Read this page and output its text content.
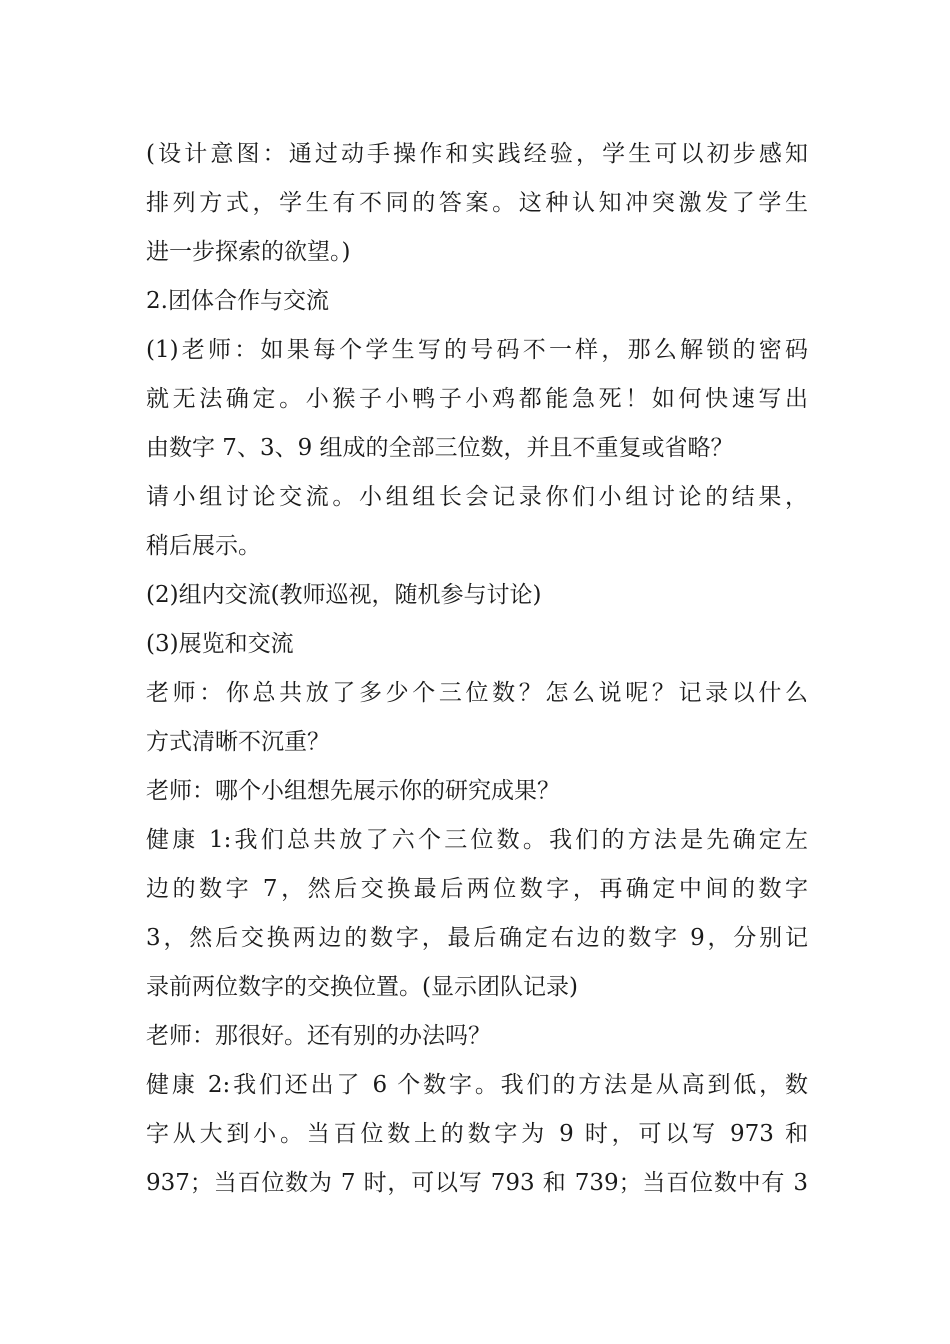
(设计意图：通过动手操作和实践经验，学生可以初步感知
排列方式，学生有不同的答案。这种认知冲突激发了学生
进一步探索的欲望。)
2.团体合作与交流
(1)老师：如果每个学生写的号码不一样，那么解锁的密码
就无法确定。小猴子小鸭子小鸡都能急死！如何快速写出
由数字 7、3、9 组成的全部三位数，并且不重复或省略？
请小组讨论交流。小组组长会记录你们小组讨论的结果，
稍后展示。
(2)组内交流(教师巡视，随机参与讨论)
(3)展览和交流
老师：你总共放了多少个三位数？怎么说呢？记录以什么
方式清晰不沉重？
老师：哪个小组想先展示你的研究成果？
健康 1:我们总共放了六个三位数。我们的方法是先确定左
边的数字 7，然后交换最后两位数字，再确定中间的数字
3，然后交换两边的数字，最后确定右边的数字 9，分别记
录前两位数字的交换位置。(显示团队记录)
老师：那很好。还有别的办法吗？
健康 2:我们还出了 6 个数字。我们的方法是从高到低，数
字从大到小。当百位数上的数字为 9 时，可以写 973 和
937；当百位数为 7 时，可以写 793 和 739；当百位数中有 3
